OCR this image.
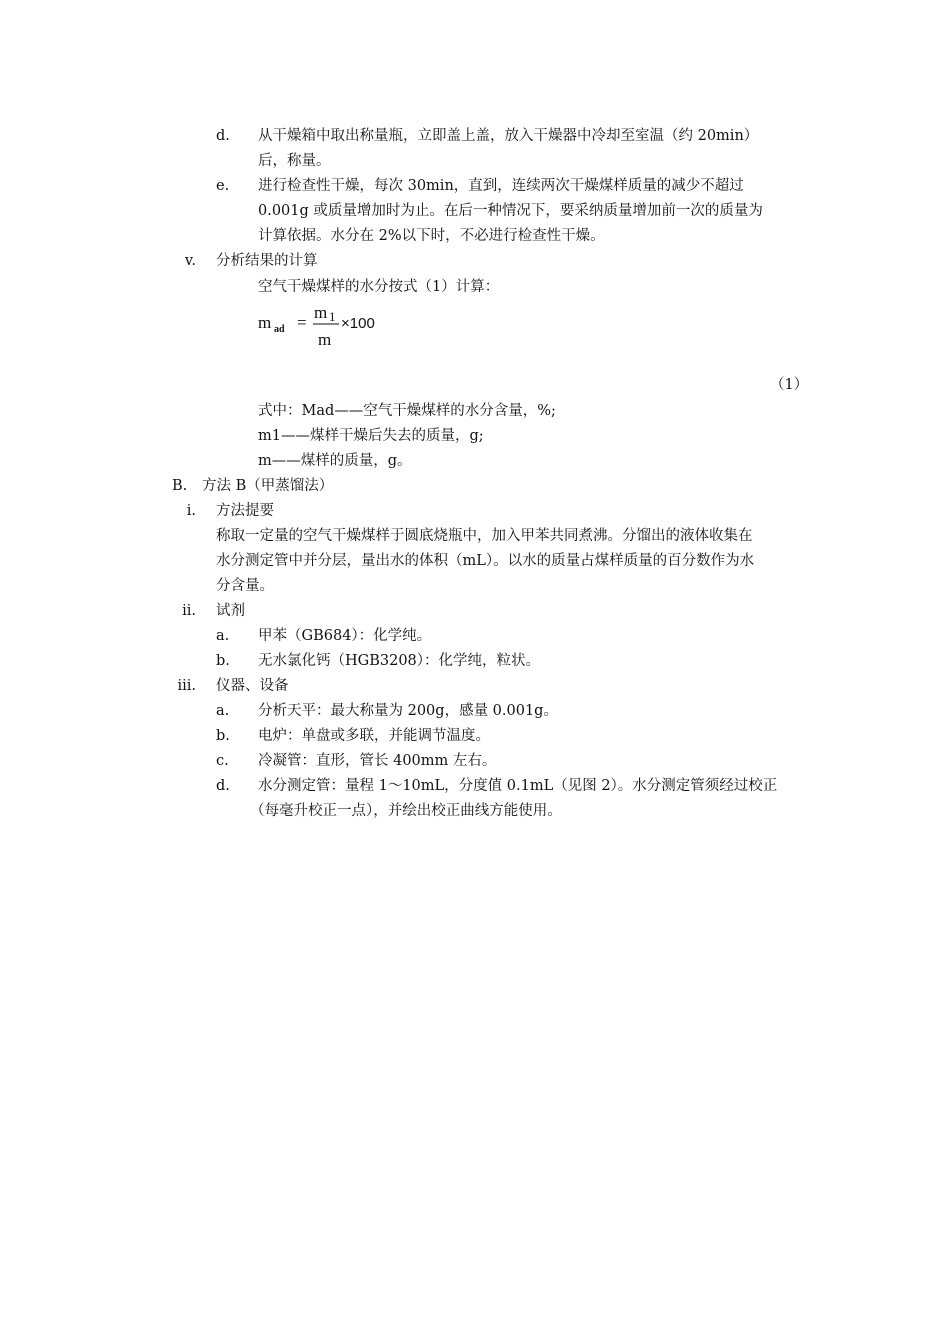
d. 从干燥箱中取出称量瓶，立即盖上盖，放入干燥器中冷却至室温（约 20min）
后，称量。
e. 进行检查性干燥，每次 30min，直到，连续两次干燥煤样质量的减少不超过
0.001g 或质量增加时为止。在后一种情况下，要采纳质量增加前一次的质量为
计算依据。水分在 2%以下时，不必进行检查性干燥。
v. 分析结果的计算
空气干燥煤样的水分按式（1）计算：
m ad =
m 1
m
×100
（1）
式中：Mad——空气干燥煤样的水分含量，%;
m1——煤样干燥后失去的质量，g;
m——煤样的质量，g。
B. 方法 B（甲蒸馏法）
i. 方法提要
称取一定量的空气干燥煤样于圆底烧瓶中，加入甲苯共同煮沸。分馏出的液体收集在
水分测定管中并分层，量出水的体积（mL）。以水的质量占煤样质量的百分数作为水
分含量。
ii. 试剂
a. 甲苯（GB684）：化学纯。
b. 无水氯化钙（HGB3208）：化学纯，粒状。
iii. 仪器、设备
a. 分析天平：最大称量为 200g，感量 0.001g。
b. 电炉：单盘或多联，并能调节温度。
c. 冷凝管：直形，管长 400mm 左右。
d. 水分测定管：量程 1～10mL，分度值 0.1mL（见图 2）。水分测定管须经过校正
（每毫升校正一点），并绘出校正曲线方能使用。
